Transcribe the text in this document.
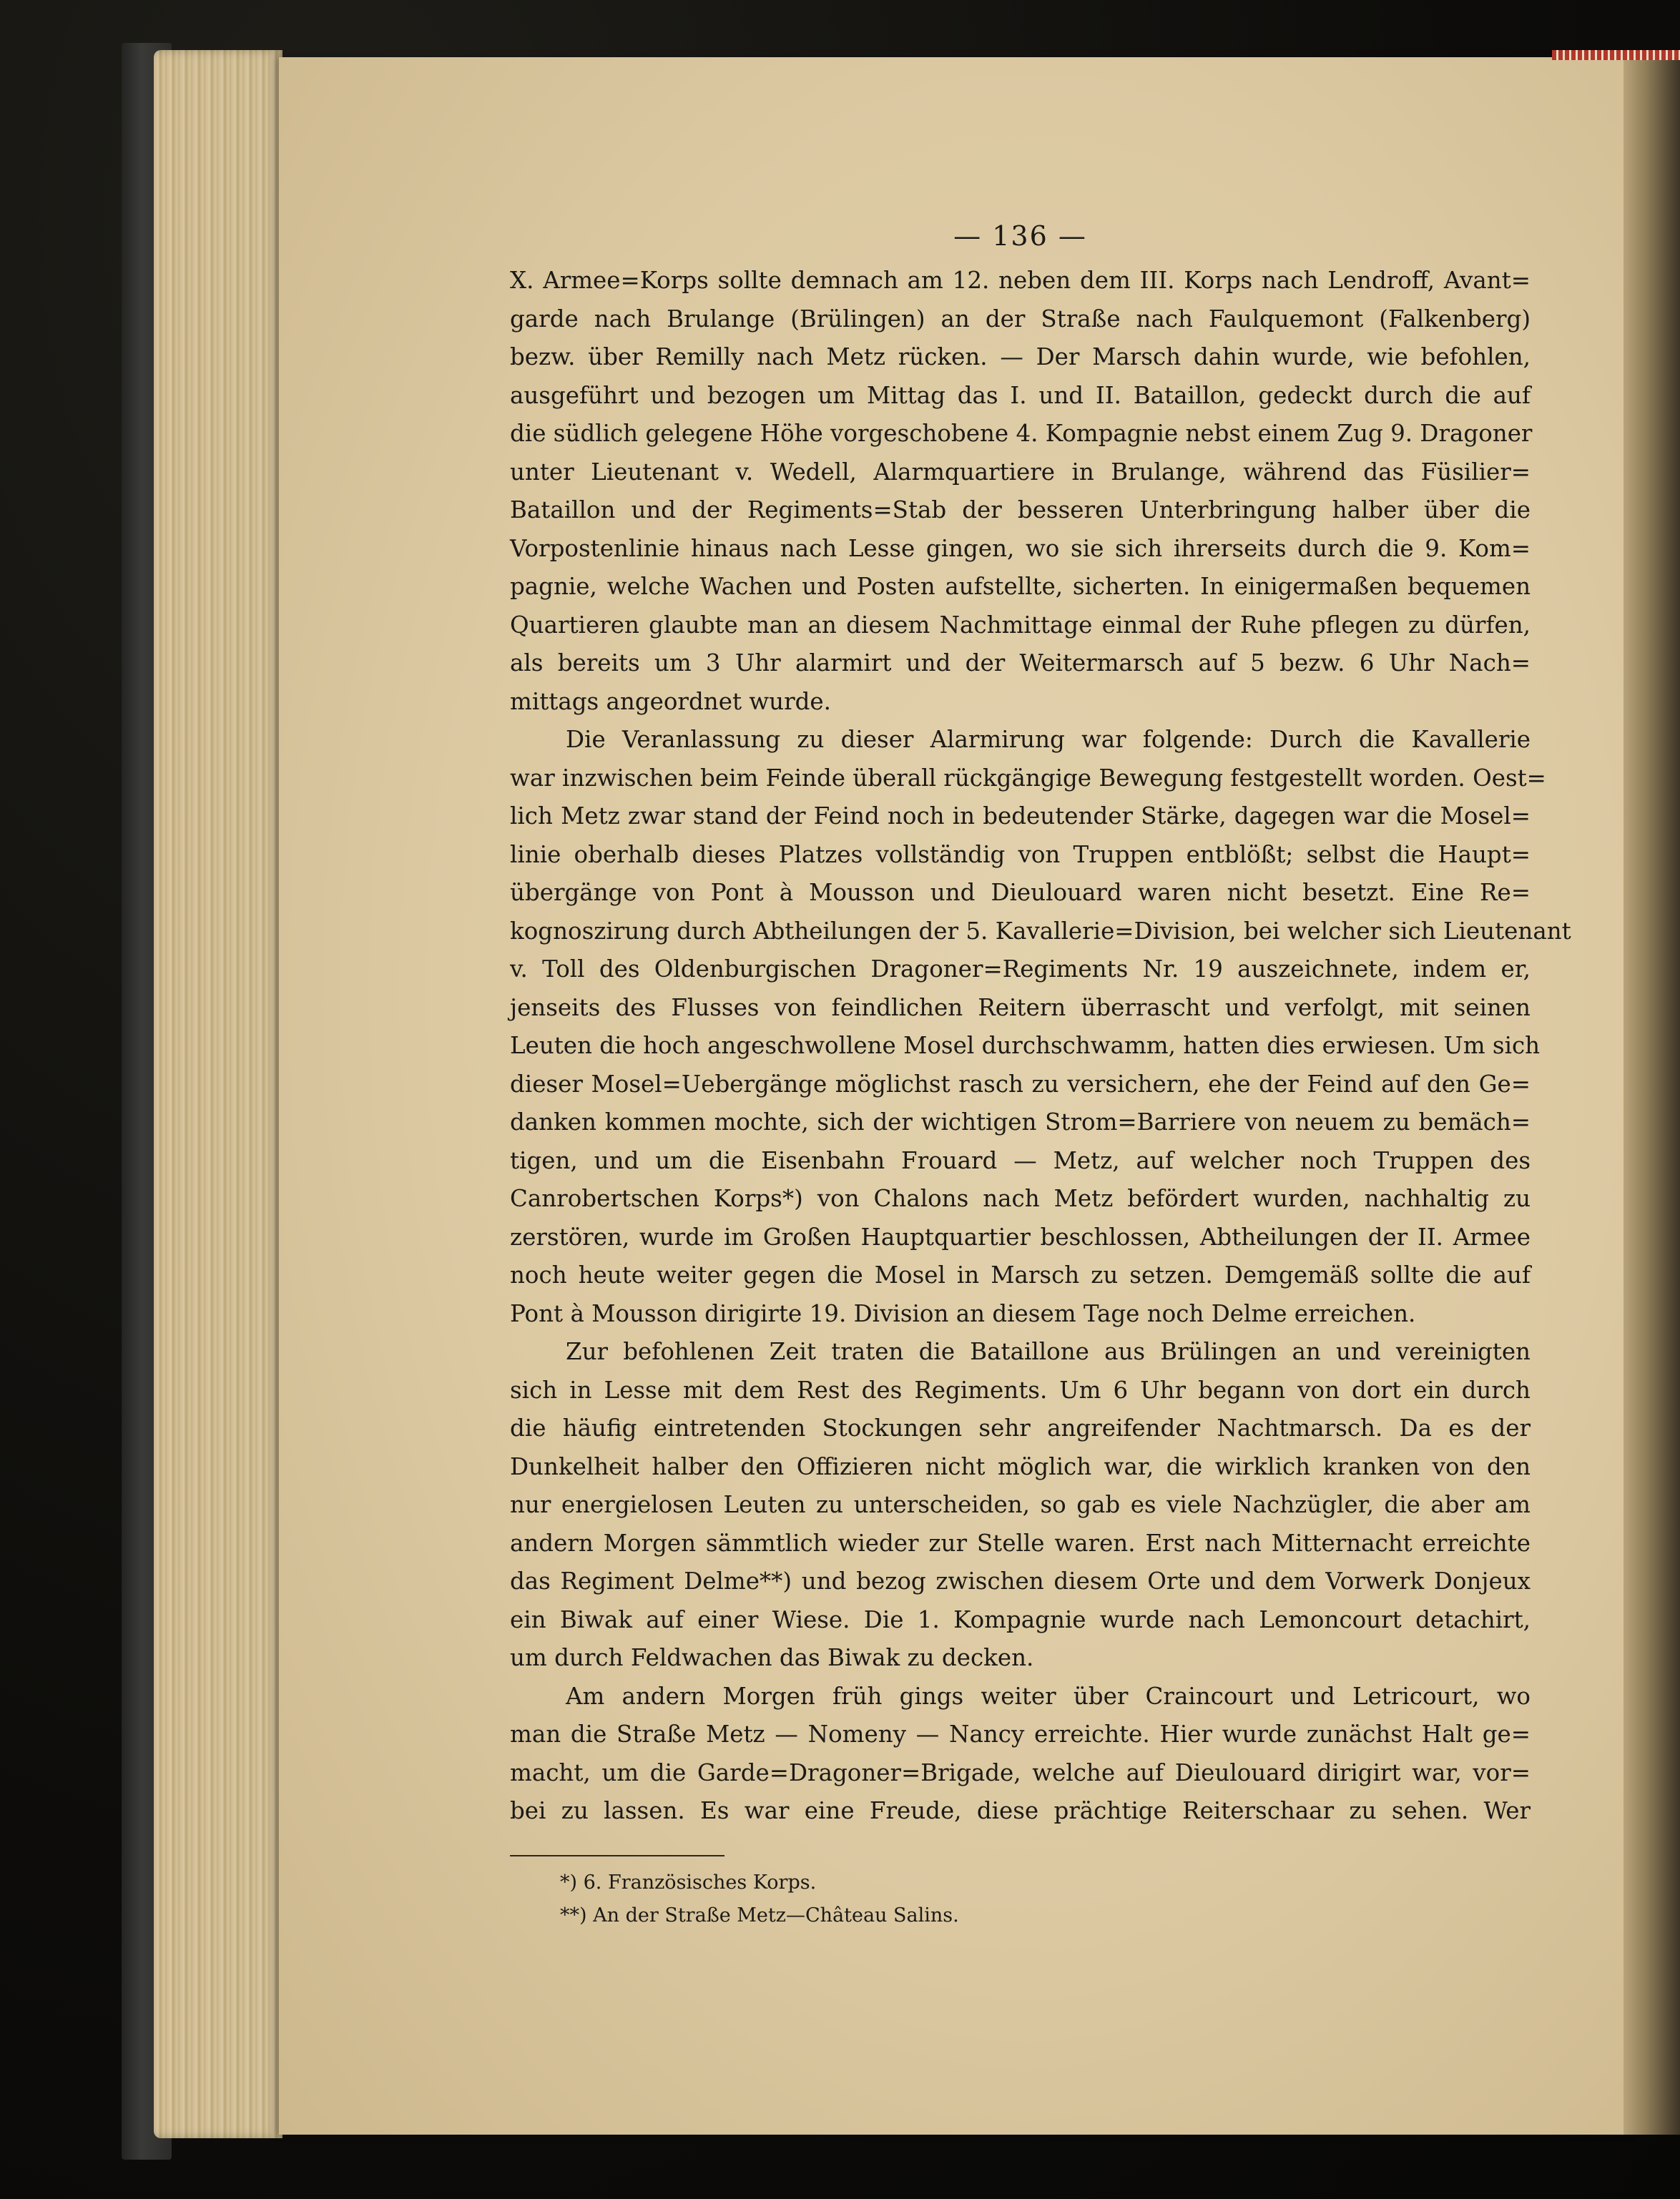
— 136 —
X. Armee=Korps sollte demnach am 12. neben dem III. Korps nach Lendroff, Avant=
garde nach Brulange (Brülingen) an der Straße nach Faulquemont (Falkenberg)
bezw. über Remilly nach Metz rücken. — Der Marsch dahin wurde, wie befohlen,
ausgeführt und bezogen um Mittag das I. und II. Bataillon, gedeckt durch die auf
die südlich gelegene Höhe vorgeschobene 4. Kompagnie nebst einem Zug 9. Dragoner
unter Lieutenant v. Wedell, Alarmquartiere in Brulange, während das Füsilier=
Bataillon und der Regiments=Stab der besseren Unterbringung halber über die
Vorpostenlinie hinaus nach Lesse gingen, wo sie sich ihrerseits durch die 9. Kom=
pagnie, welche Wachen und Posten aufstellte, sicherten. In einigermaßen bequemen
Quartieren glaubte man an diesem Nachmittage einmal der Ruhe pflegen zu dürfen,
als bereits um 3 Uhr alarmirt und der Weitermarsch auf 5 bezw. 6 Uhr Nach=
mittags angeordnet wurde.
Die Veranlassung zu dieser Alarmirung war folgende: Durch die Kavallerie
war inzwischen beim Feinde überall rückgängige Bewegung festgestellt worden. Oest=
lich Metz zwar stand der Feind noch in bedeutender Stärke, dagegen war die Mosel=
linie oberhalb dieses Platzes vollständig von Truppen entblößt; selbst die Haupt=
übergänge von Pont à Mousson und Dieulouard waren nicht besetzt. Eine Re=
kognoszirung durch Abtheilungen der 5. Kavallerie=Division, bei welcher sich Lieutenant
v. Toll des Oldenburgischen Dragoner=Regiments Nr. 19 auszeichnete, indem er,
jenseits des Flusses von feindlichen Reitern überrascht und verfolgt, mit seinen
Leuten die hoch angeschwollene Mosel durchschwamm, hatten dies erwiesen. Um sich
dieser Mosel=Uebergänge möglichst rasch zu versichern, ehe der Feind auf den Ge=
danken kommen mochte, sich der wichtigen Strom=Barriere von neuem zu bemäch=
tigen, und um die Eisenbahn Frouard — Metz, auf welcher noch Truppen des
Canrobertschen Korps*) von Chalons nach Metz befördert wurden, nachhaltig zu
zerstören, wurde im Großen Hauptquartier beschlossen, Abtheilungen der II. Armee
noch heute weiter gegen die Mosel in Marsch zu setzen. Demgemäß sollte die auf
Pont à Mousson dirigirte 19. Division an diesem Tage noch Delme erreichen.
Zur befohlenen Zeit traten die Bataillone aus Brülingen an und vereinigten
sich in Lesse mit dem Rest des Regiments. Um 6 Uhr begann von dort ein durch
die häufig eintretenden Stockungen sehr angreifender Nachtmarsch. Da es der
Dunkelheit halber den Offizieren nicht möglich war, die wirklich kranken von den
nur energielosen Leuten zu unterscheiden, so gab es viele Nachzügler, die aber am
andern Morgen sämmtlich wieder zur Stelle waren. Erst nach Mitternacht erreichte
das Regiment Delme**) und bezog zwischen diesem Orte und dem Vorwerk Donjeux
ein Biwak auf einer Wiese. Die 1. Kompagnie wurde nach Lemoncourt detachirt,
um durch Feldwachen das Biwak zu decken.
Am andern Morgen früh gings weiter über Craincourt und Letricourt, wo
man die Straße Metz — Nomeny — Nancy erreichte. Hier wurde zunächst Halt ge=
macht, um die Garde=Dragoner=Brigade, welche auf Dieulouard dirigirt war, vor=
bei zu lassen. Es war eine Freude, diese prächtige Reiterschaar zu sehen. Wer
*) 6. Französisches Korps.
**) An der Straße Metz—Château Salins.
